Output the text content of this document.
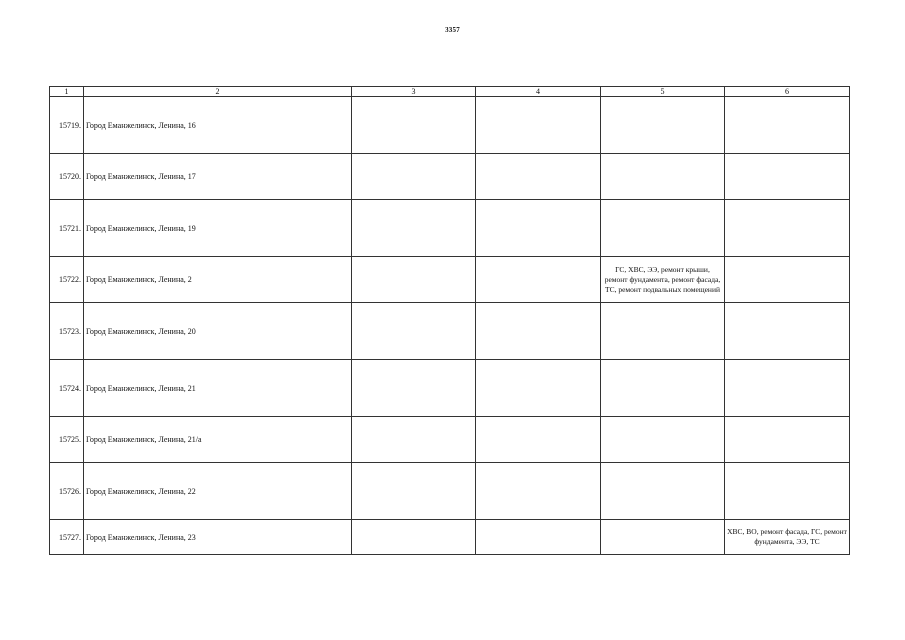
3357
1	2	3	4	5	6
15719.	Город Еманжелинск, Ленина, 16				
15720.	Город Еманжелинск, Ленина, 17				
15721.	Город Еманжелинск, Ленина, 19				
15722.	Город Еманжелинск, Ленина, 2			ГС, ХВС, ЭЭ, ремонт крыши, ремонт фундамента, ремонт фасада, ТС, ремонт подвальных помещений	
15723.	Город Еманжелинск, Ленина, 20				
15724.	Город Еманжелинск, Ленина, 21				
15725.	Город Еманжелинск, Ленина, 21/а				
15726.	Город Еманжелинск, Ленина, 22				
15727.	Город Еманжелинск, Ленина, 23				ХВС, ВО, ремонт фасада, ГС, ремонт фундамента, ЭЭ, ТС
